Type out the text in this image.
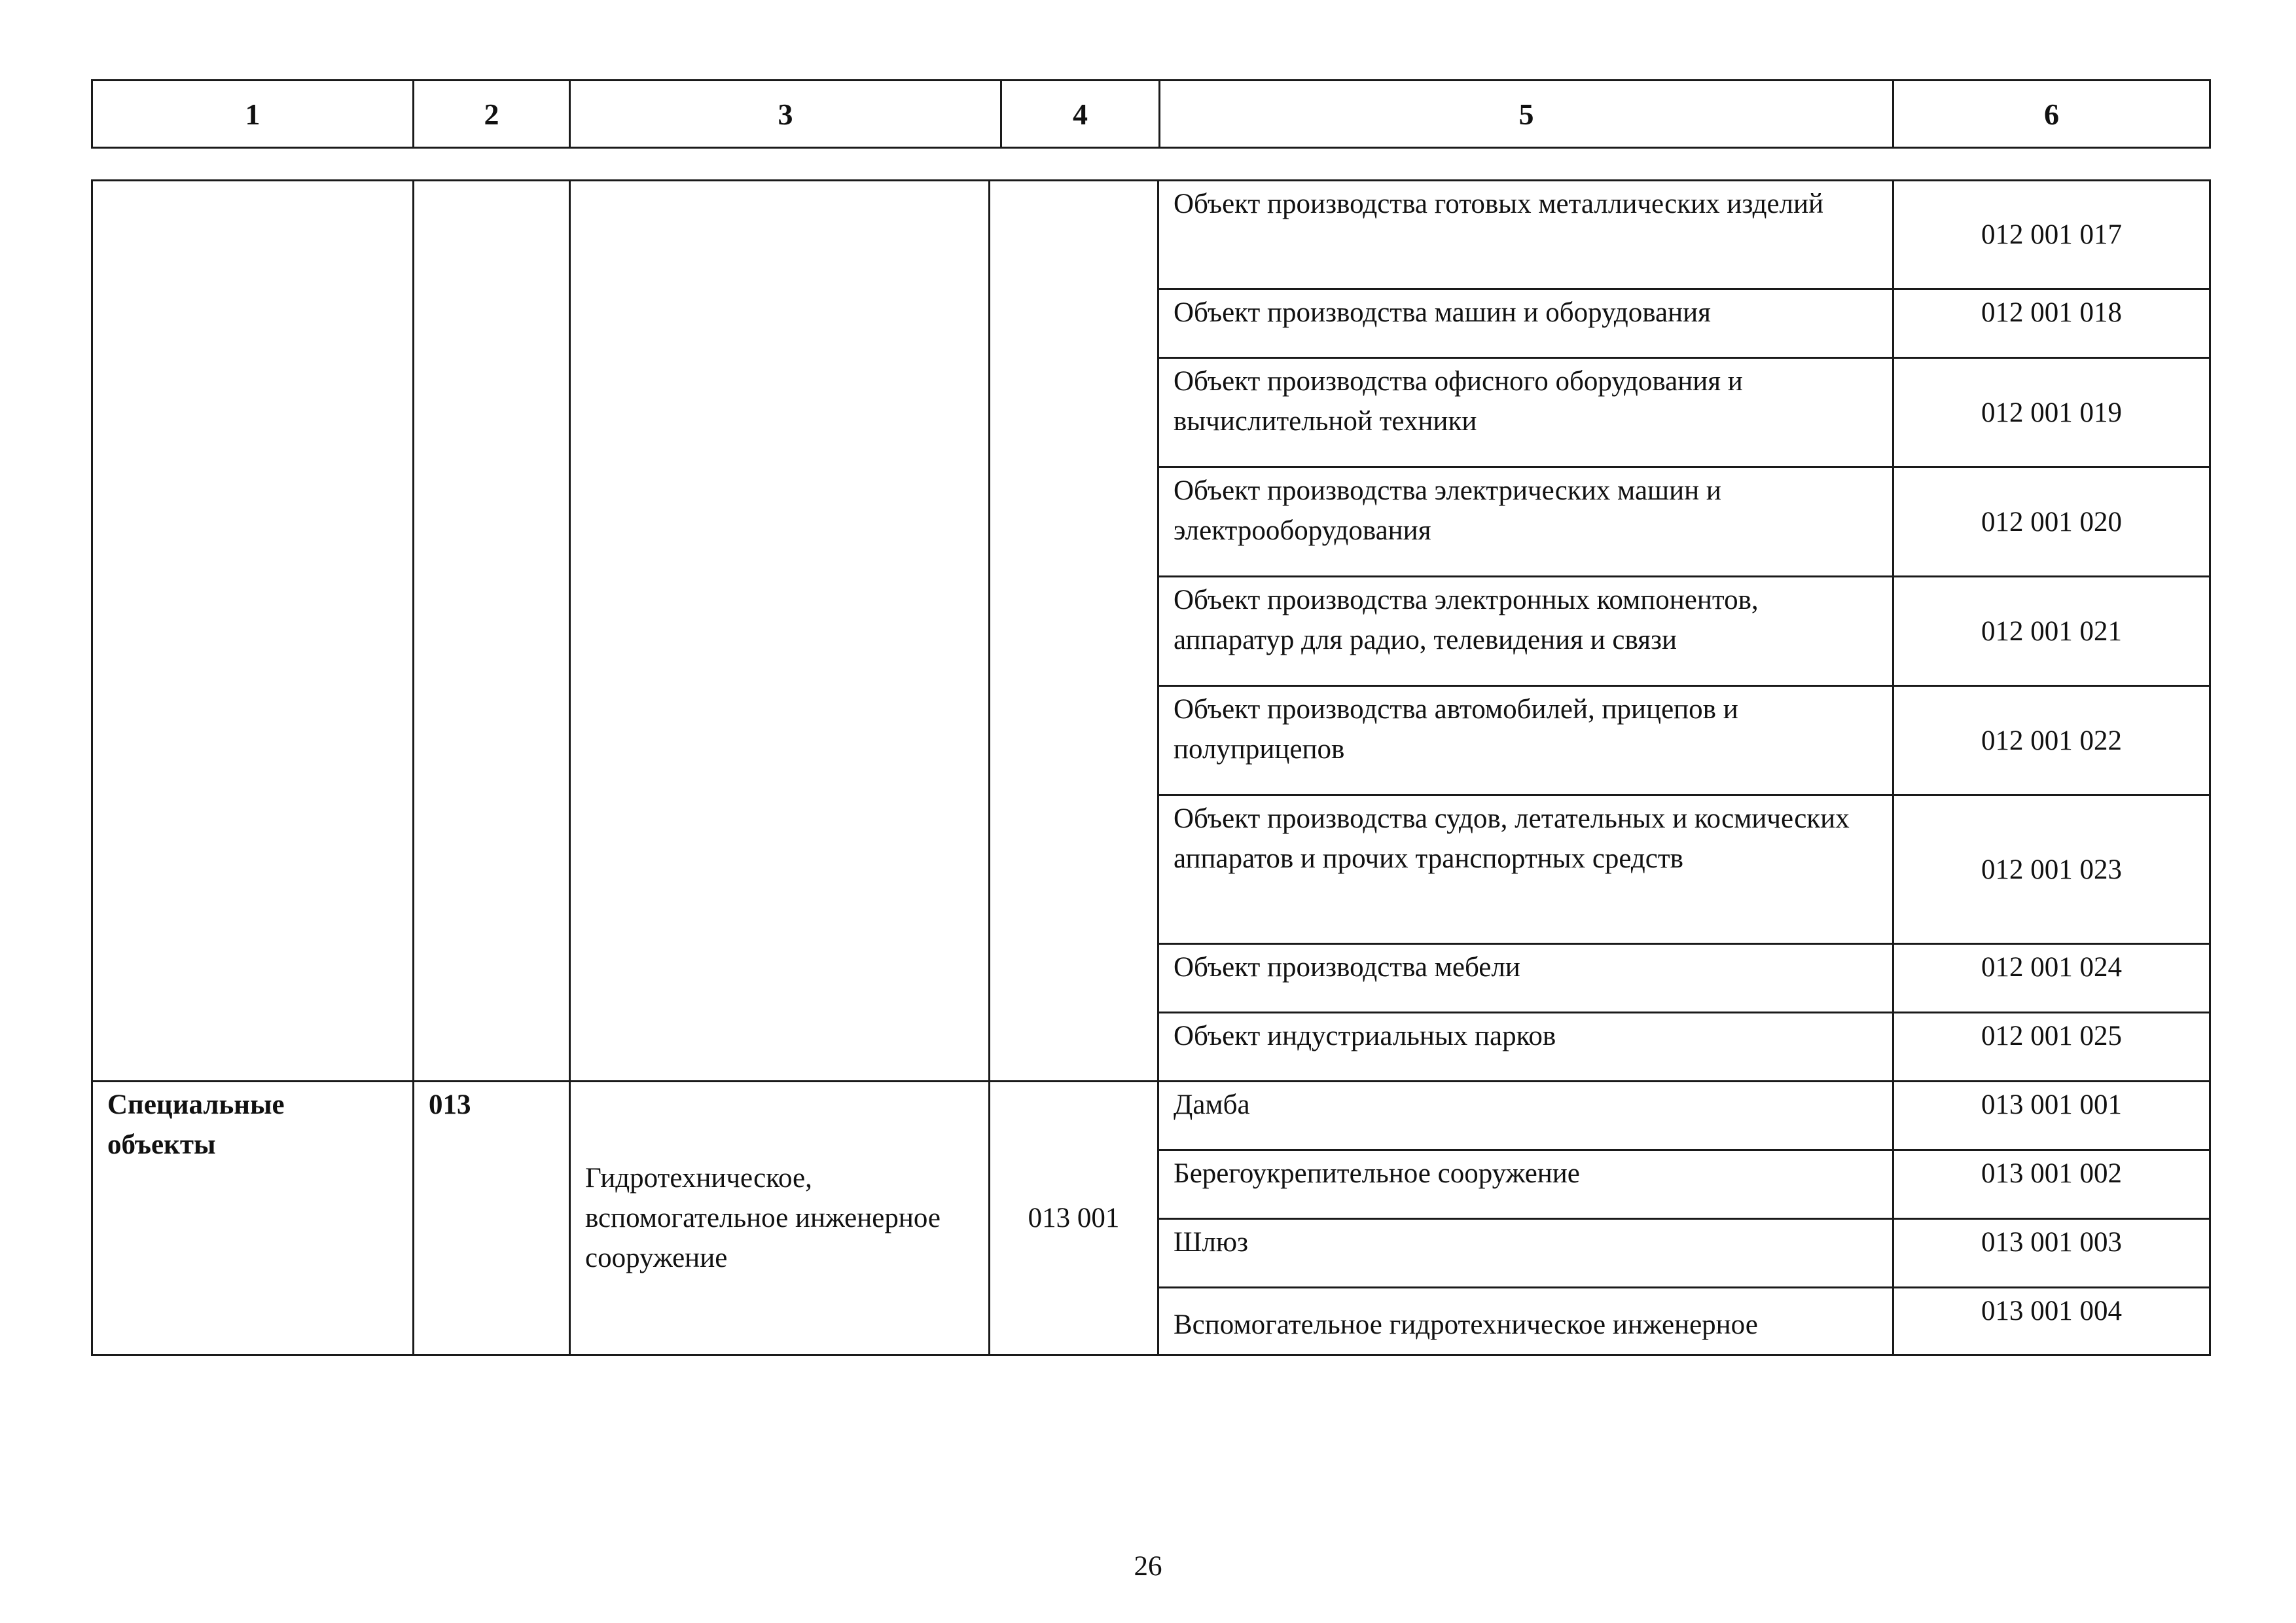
1	2	3	4	5	6
				Объект производства готовых металлических изделий	012 001 017
				Объект производства машин и оборудования	012 001 018
				Объект производства офисного оборудования и вычислительной техники	012 001 019
				Объект производства электрических машин и электрооборудования	012 001 020
				Объект производства электронных компонентов, аппаратур для радио, телевидения и связи	012 001 021
				Объект производства автомобилей, прицепов и полуприцепов	012 001 022
				Объект производства судов, летательных и космических аппаратов и прочих транспортных средств	012 001 023
				Объект производства мебели	012 001 024
				Объект индустриальных парков	012 001 025
Специальные объекты	013	Гидротехническое, вспомогательное инженерное сооружение	013 001	Дамба	013 001 001
				Берегоукрепительное сооружение	013 001 002
				Шлюз	013 001 003
				Вспомогательное гидротехническое инженерное	013 001 004
26
